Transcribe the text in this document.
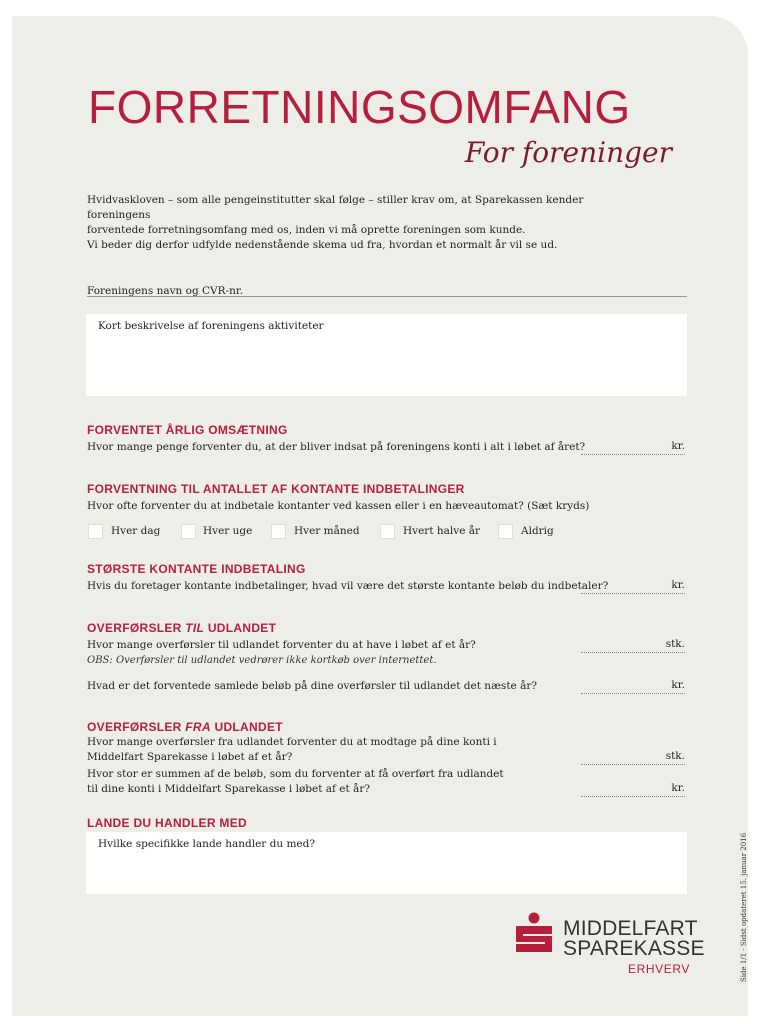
FORRETNINGSOMFANG
For foreninger
Hvidvaskloven – som alle pengeinstitutter skal følge – stiller krav om, at Sparekassen kender foreningens
forventede forretningsomfang med os, inden vi må oprette foreningen som kunde.
Vi beder dig derfor udfylde nedenstående skema ud fra, hvordan et normalt år vil se ud.
Foreningens navn og CVR-nr.
Kort beskrivelse af foreningens aktiviteter
FORVENTET ÅRLIG OMSÆTNING
Hvor mange penge forventer du, at der bliver indsat på foreningens konti i alt i løbet af året?	kr.
FORVENTNING TIL ANTALLET AF KONTANTE INDBETALINGER
Hvor ofte forventer du at indbetale kontanter ved kassen eller i en hæveautomat? (Sæt kryds)
Hver dag	Hver uge	Hver måned	Hvert halve år	Aldrig
STØRSTE KONTANTE INDBETALING
Hvis du foretager kontante indbetalinger, hvad vil være det største kontante beløb du indbetaler?	kr.
OVERFØRSLER TIL UDLANDET
Hvor mange overførsler til udlandet forventer du at have i løbet af et år?	stk.
OBS: Overførsler til udlandet vedrører ikke kortkøb over internettet.
Hvad er det forventede samlede beløb på dine overførsler til udlandet det næste år?	kr.
OVERFØRSLER FRA UDLANDET
Hvor mange overførsler fra udlandet forventer du at modtage på dine konti i
Middelfart Sparekasse i løbet af et år?	stk.
Hvor stor er summen af de beløb, som du forventer at få overført fra udlandet
til dine konti i Middelfart Sparekasse i løbet af et år?	kr.
LANDE DU HANDLER MED
Hvilke specifikke lande handler du med?
MIDDELFART
SPAREKASSE
ERHVERV	Side 1/1 · Sidst opdateret 15. januar 2016
